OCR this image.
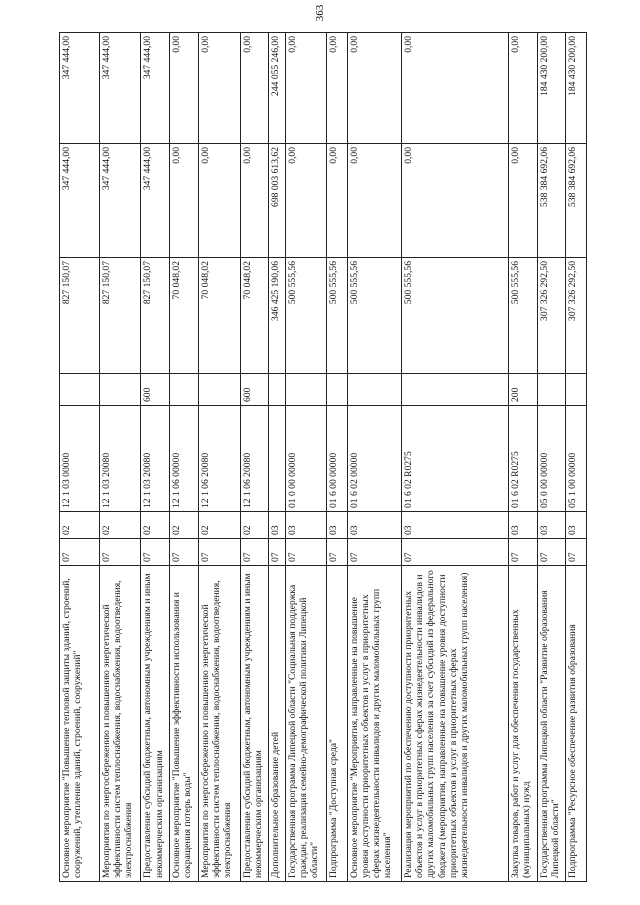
363
Основное мероприятие "Повышение тепловой защиты зданий, строений, сооружений, утепление зданий, строений, сооружений"	07	02	12 1 03 00000		827 150,07	347 444,00	347 444,00
Мероприятия по энергосбережению и повышению энергетической эффективности систем теплоснабжения, водоснабжения, водоотведения, электроснабжения	07	02	12 1 03 20080		827 150,07	347 444,00	347 444,00
Предоставление субсидий бюджетным, автономным учреждениям и иным некоммерческим организациям	07	02	12 1 03 20080	600	827 150,07	347 444,00	347 444,00
Основное мероприятие "Повышение эффективности использования и сокращения потерь воды"	07	02	12 1 06 00000		70 048,02	0,00	0,00
Мероприятия по энергосбережению и повышению энергетической эффективности систем теплоснабжения, водоснабжения, водоотведения, электроснабжения	07	02	12 1 06 20080		70 048,02	0,00	0,00
Предоставление субсидий бюджетным, автономным учреждениям и иным некоммерческим организациям	07	02	12 1 06 20080	600	70 048,02	0,00	0,00
Дополнительное образование детей	07	03			346 425 190,06	698 003 613,62	244 055 246,00
Государственная программа Липецкой области "Социальная поддержка граждан, реализация семейно-демографической политики Липецкой области"	07	03	01 0 00 00000		500 555,56	0,00	0,00
Подпрограмма "Доступная среда"	07	03	01 6 00 00000		500 555,56	0,00	0,00
Основное мероприятие "Мероприятия, направленные на повышение уровня доступности приоритетных объектов и услуг в приоритетных сферах жизнедеятельности инвалидов и других маломобильных групп населения"	07	03	01 6 02 00000		500 555,56	0,00	0,00
Реализация мероприятий по обеспечению доступности приоритетных объектов и услуг в приоритетных сферах жизнедеятельности инвалидов и других маломобильных групп населения за счет субсидий из федерального бюджета (мероприятия, направленные на повышение уровня доступности приоритетных объектов и услуг в приоритетных сферах жизнедеятельности инвалидов и других маломобильных групп населения)	07	03	01 6 02 R0275		500 555,56	0,00	0,00
Закупка товаров, работ и услуг для обеспечения государственных (муниципальных) нужд	07	03	01 6 02 R0275	200	500 555,56	0,00	0,00
Государственная программа Липецкой области "Развитие образования Липецкой области"	07	03	05 0 00 00000		307 326 292,50	538 384 692,06	184 430 200,00
Подпрограмма "Ресурсное обеспечение развития образования	07	03	05 1 00 00000		307 326 292,50	538 384 692,06	184 430 200,00
